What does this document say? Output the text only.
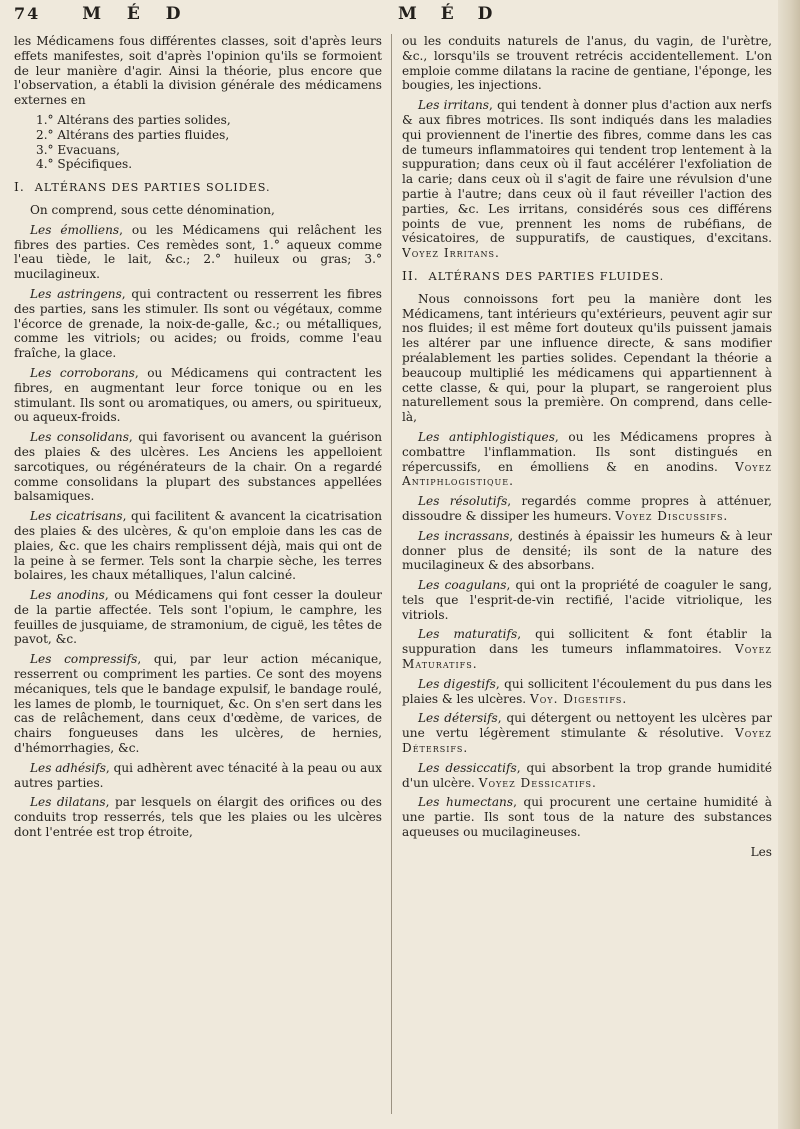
74 M É D	M É D

les Médicamens fous différentes classes, soit d'après leurs effets manifestes, soit d'après l'opinion qu'ils se formoient de leur manière d'agir. Ainsi la théorie, plus encore que l'observation, a établi la division générale des médicamens externes en

1.° Altérans des parties solides,

2.° Altérans des parties fluides,

3.° Evacuans,

4.° Spécifiques.

I. ALTÉRANS DES PARTIES SOLIDES.

On comprend, sous cette dénomination,

Les émolliens, ou les Médicamens qui relâchent les fibres des parties. Ces remèdes sont, 1.° aqueux comme l'eau tiède, le lait, &c.; 2.° huileux ou gras; 3.° mucilagineux.

Les astringens, qui contractent ou resserrent les fibres des parties, sans les stimuler. Ils sont ou végétaux, comme l'écorce de grenade, la noix-de-galle, &c.; ou métalliques, comme les vitriols; ou acides; ou froids, comme l'eau fraîche, la glace.

Les corroborans, ou Médicamens qui contractent les fibres, en augmentant leur force tonique ou en les stimulant. Ils sont ou aromatiques, ou amers, ou spiritueux, ou aqueux-froids.

Les consolidans, qui favorisent ou avancent la guérison des plaies & des ulcères. Les Anciens les appelloient sarcotiques, ou régénérateurs de la chair. On a regardé comme consolidans la plupart des substances appellées balsamiques.

Les cicatrisans, qui facilitent & avancent la cicatrisation des plaies & des ulcères, & qu'on emploie dans les cas de plaies, &c. que les chairs remplissent déjà, mais qui ont de la peine à se fermer. Tels sont la charpie sèche, les terres bolaires, les chaux métalliques, l'alun calciné.

Les anodins, ou Médicamens qui font cesser la douleur de la partie affectée. Tels sont l'opium, le camphre, les feuilles de jusquiame, de stramonium, de ciguë, les têtes de pavot, &c.

Les compressifs, qui, par leur action mécanique, resserrent ou compriment les parties. Ce sont des moyens mécaniques, tels que le bandage expulsif, le bandage roulé, les lames de plomb, le tourniquet, &c. On s'en sert dans les cas de relâchement, dans ceux d'œdème, de varices, de chairs fongueuses dans les ulcères, de hernies, d'hémorrhagies, &c.

Les adhésifs, qui adhèrent avec ténacité à la peau ou aux autres parties.

Les dilatans, par lesquels on élargit des orifices ou des conduits trop resserrés, tels que les plaies ou les ulcères dont l'entrée est trop étroite,

ou les conduits naturels de l'anus, du vagin, de l'urètre, &c., lorsqu'ils se trouvent retrécis accidentellement. L'on emploie comme dilatans la racine de gentiane, l'éponge, les bougies, les injections.

Les irritans, qui tendent à donner plus d'action aux nerfs & aux fibres motrices. Ils sont indiqués dans les maladies qui proviennent de l'inertie des fibres, comme dans les cas de tumeurs inflammatoires qui tendent trop lentement à la suppuration; dans ceux où il faut accélérer l'exfoliation de la carie; dans ceux où il s'agit de faire une révulsion d'une partie à l'autre; dans ceux où il faut réveiller l'action des parties, &c. Les irritans, considérés sous ces différens points de vue, prennent les noms de rubéfians, de vésicatoires, de suppuratifs, de caustiques, d'excitans. Voyez Irritans.

II. ALTÉRANS DES PARTIES FLUIDES.

Nous connoissons fort peu la manière dont les Médicamens, tant intérieurs qu'extérieurs, peuvent agir sur nos fluides; il est même fort douteux qu'ils puissent jamais les altérer par une influence directe, & sans modifier préalablement les parties solides. Cependant la théorie a beaucoup multiplié les médicamens qui appartiennent à cette classe, & qui, pour la plupart, se rangeroient plus naturellement sous la première. On comprend, dans celle-là,

Les antiphlogistiques, ou les Médicamens propres à combattre l'inflammation. Ils sont distingués en répercussifs, en émolliens & en anodins. Voyez Antiphlogistique.

Les résolutifs, regardés comme propres à atténuer, dissoudre & dissiper les humeurs. Voyez Discussifs.

Les incrassans, destinés à épaissir les humeurs & à leur donner plus de densité; ils sont de la nature des mucilagineux & des absorbans.

Les coagulans, qui ont la propriété de coaguler le sang, tels que l'esprit-de-vin rectifié, l'acide vitriolique, les vitriols.

Les maturatifs, qui sollicitent & font établir la suppuration dans les tumeurs inflammatoires. Voyez Maturatifs.

Les digestifs, qui sollicitent l'écoulement du pus dans les plaies & les ulcères. Voy. Digestifs.

Les détersifs, qui détergent ou nettoyent les ulcères par une vertu légèrement stimulante & résolutive. Voyez Détersifs.

Les dessiccatifs, qui absorbent la trop grande humidité d'un ulcère. Voyez Dessicatifs.

Les humectans, qui procurent une certaine humidité à une partie. Ils sont tous de la nature des substances aqueuses ou mucilagineuses.

Les
